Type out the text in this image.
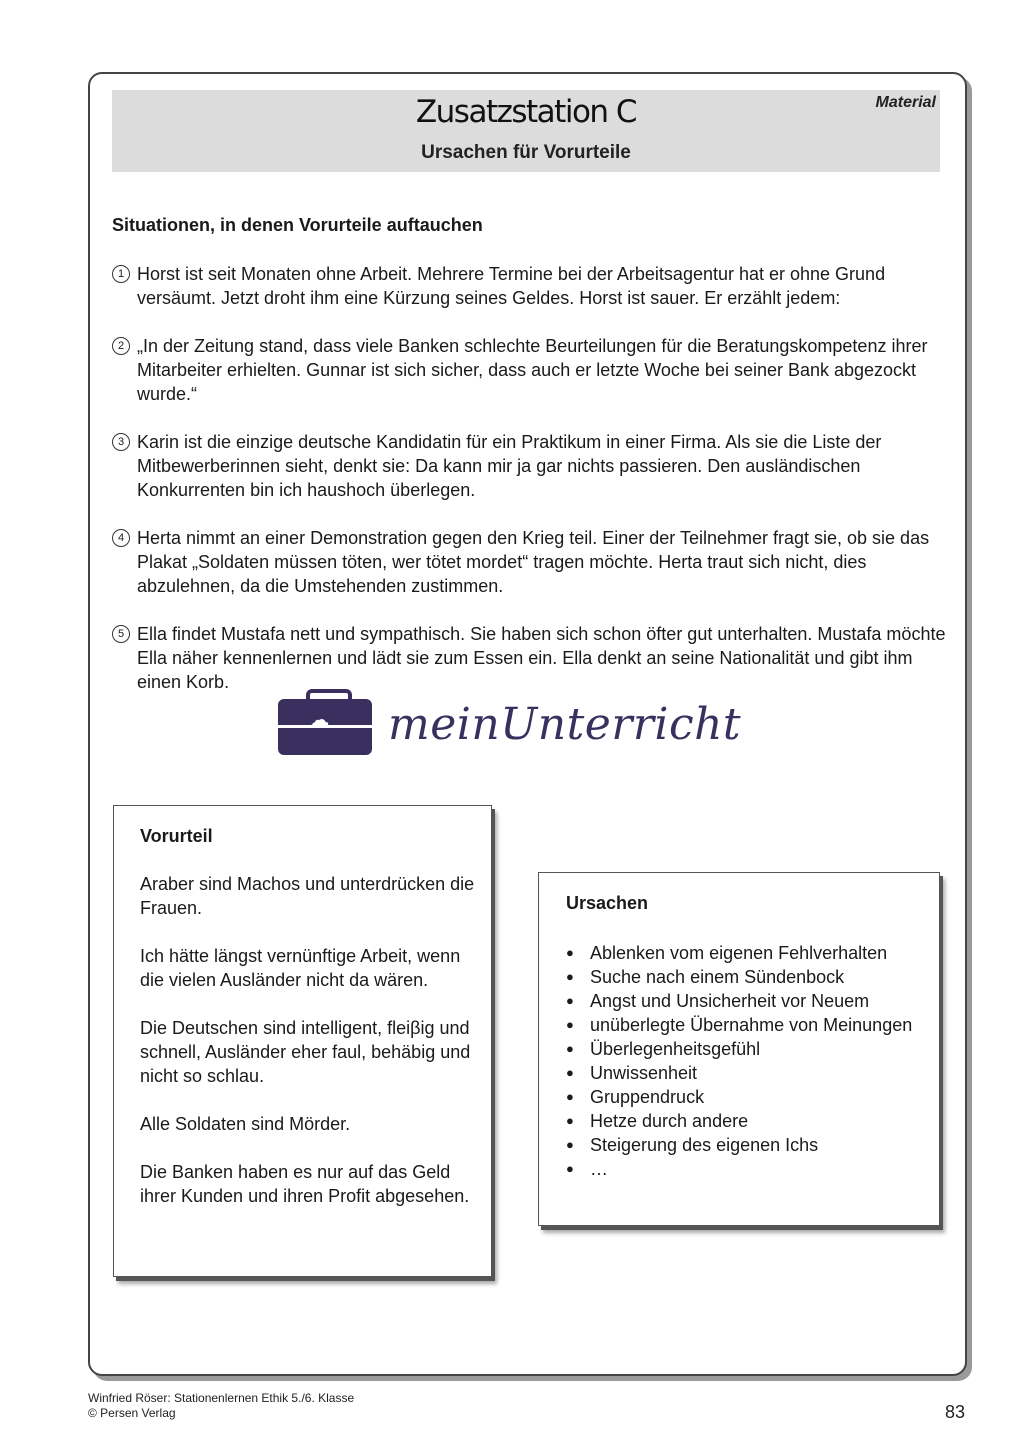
Zusatzstation C
Ursachen für Vorurteile
Material
Situationen, in denen Vorurteile auftauchen
1 Horst ist seit Monaten ohne Arbeit. Mehrere Termine bei der Arbeitsagentur hat er ohne Grund versäumt. Jetzt droht ihm eine Kürzung seines Geldes. Horst ist sauer. Er erzählt jedem:
2 „In der Zeitung stand, dass viele Banken schlechte Beurteilungen für die Beratungskompetenz ihrer Mitarbeiter erhielten. Gunnar ist sich sicher, dass auch er letzte Woche bei seiner Bank abgezockt wurde.“
3 Karin ist die einzige deutsche Kandidatin für ein Praktikum in einer Firma. Als sie die Liste der Mitbewerberinnen sieht, denkt sie: Da kann mir ja gar nichts passieren. Den ausländischen Konkurrenten bin ich haushoch überlegen.
4 Herta nimmt an einer Demonstration gegen den Krieg teil. Einer der Teilnehmer fragt sie, ob sie das Plakat „Soldaten müssen töten, wer tötet mordet“ tragen möchte. Herta traut sich nicht, dies abzulehnen, da die Umstehenden zustimmen.
5 Ella findet Mustafa nett und sympathisch. Sie haben sich schon öfter gut unterhalten. Mustafa möchte Ella näher kennenlernen und lädt sie zum Essen ein. Ella denkt an seine Nationalität und gibt ihm einen Korb.
☁ meinUnterricht
Vorurteil
Araber sind Machos und unterdrücken die Frauen.
Ich hätte längst vernünftige Arbeit, wenn die vielen Ausländer nicht da wären.
Die Deutschen sind intelligent, fleiβig und schnell, Ausländer eher faul, behäbig und nicht so schlau.
Alle Soldaten sind Mörder.
Die Banken haben es nur auf das Geld ihrer Kunden und ihren Profit abgesehen.
Ursachen
● Ablenken vom eigenen Fehlverhalten
● Suche nach einem Sündenbock
● Angst und Unsicherheit vor Neuem
● unüberlegte Übernahme von Meinungen
● Überlegenheitsgefühl
● Unwissenheit
● Gruppendruck
● Hetze durch andere
● Steigerung des eigenen Ichs
● …
Winfried Röser: Stationenlernen Ethik 5./6. Klasse
© Persen Verlag	83
